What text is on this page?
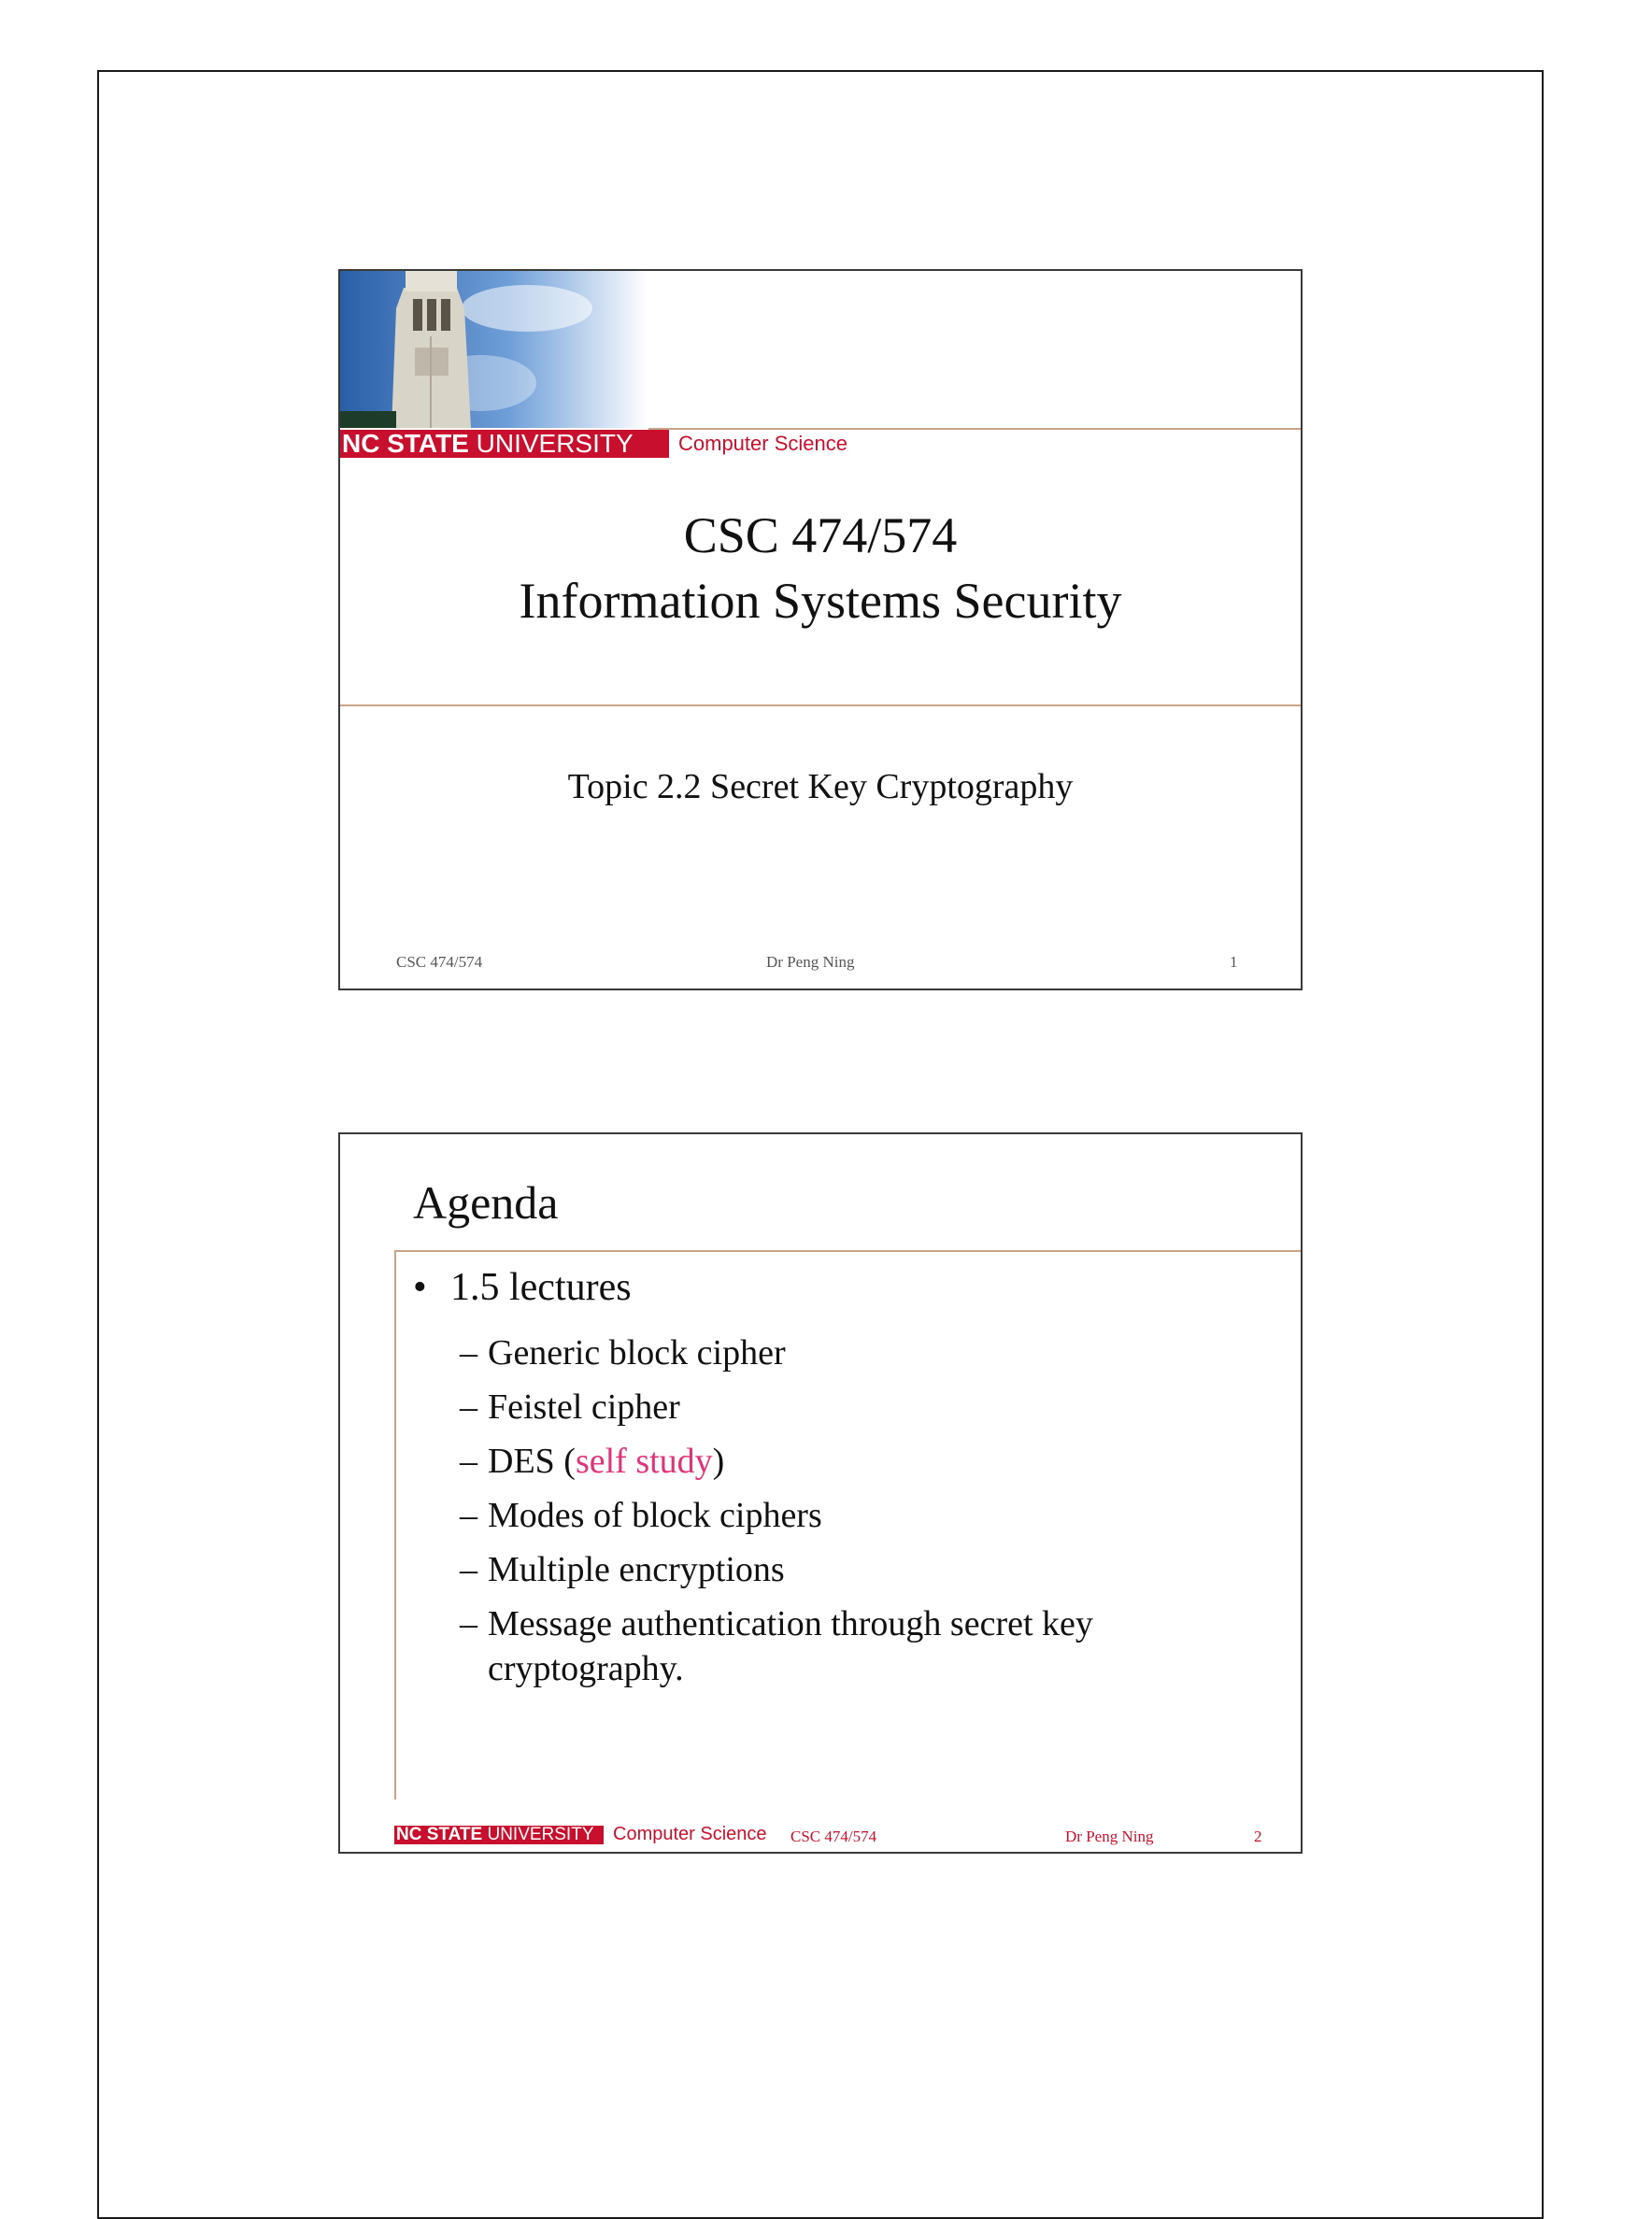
NC STATE
UNIVERSITY Computer Science
CSC 474/574
Information Systems Security
Topic 2.2 Secret Key Cryptography
CSC 474/574	Dr Peng Ning	1
Agenda
• 1.5 lectures
– Generic block cipher
– Feistel cipher
– DES (self study)
– Modes of block ciphers
– Multiple encryptions
– Message authentication through secret key
cryptography.
NC STATE
UNIVERSITY Computer Science CSC 474/574	Dr Peng Ning	2
